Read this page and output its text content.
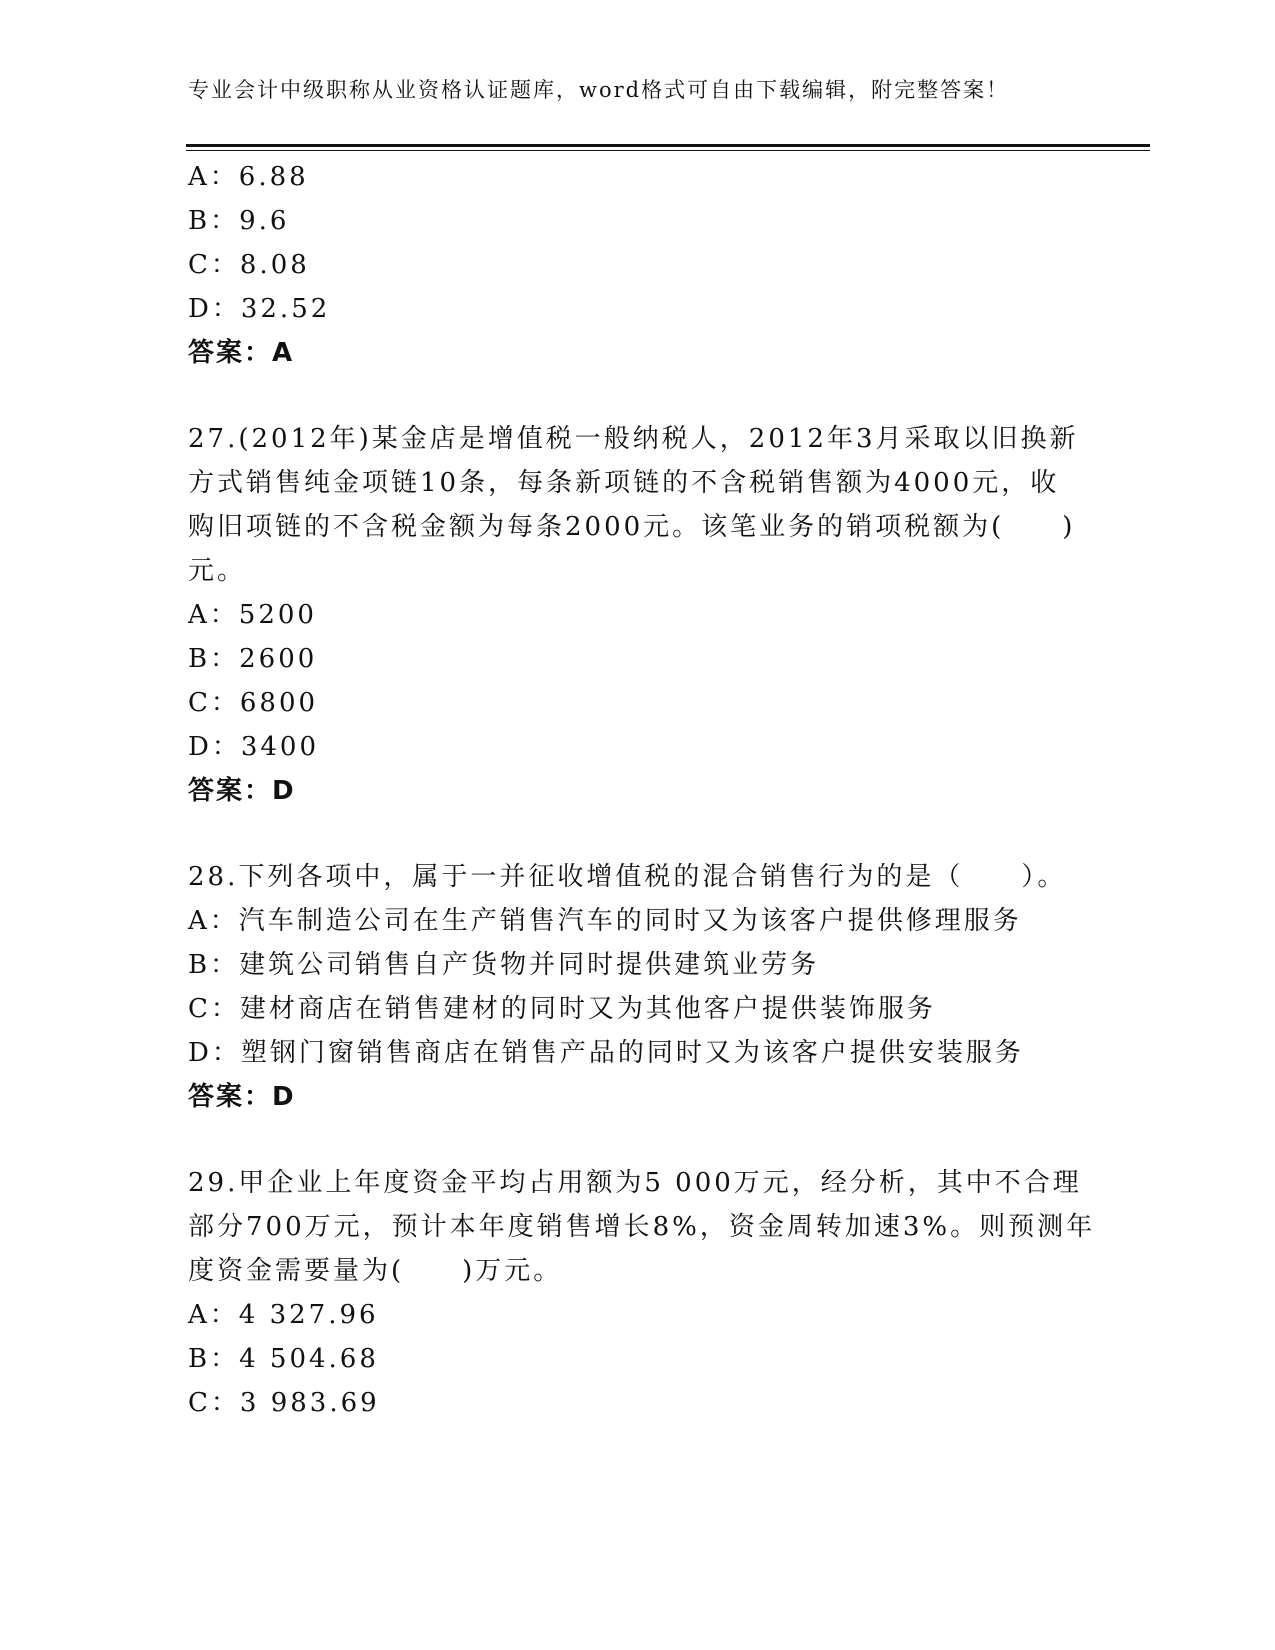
专业会计中级职称从业资格认证题库，word格式可自由下载编辑，附完整答案！
A：6.88
B：9.6
C：8.08
D：32.52
答案：A
27.(2012年)某金店是增值税一般纳税人，2012年3月采取以旧换新
方式销售纯金项链10条，每条新项链的不含税销售额为4000元，收
购旧项链的不含税金额为每条2000元。该笔业务的销项税额为(　　)
元。
A：5200
B：2600
C：6800
D：3400
答案：D
28.下列各项中，属于一并征收增值税的混合销售行为的是（　　）。
A：汽车制造公司在生产销售汽车的同时又为该客户提供修理服务
B：建筑公司销售自产货物并同时提供建筑业劳务
C：建材商店在销售建材的同时又为其他客户提供装饰服务
D：塑钢门窗销售商店在销售产品的同时又为该客户提供安装服务
答案：D
29.甲企业上年度资金平均占用额为5 000万元，经分析，其中不合理
部分700万元，预计本年度销售增长8%，资金周转加速3%。则预测年
度资金需要量为(　　)万元。
A：4 327.96
B：4 504.68
C：3 983.69
